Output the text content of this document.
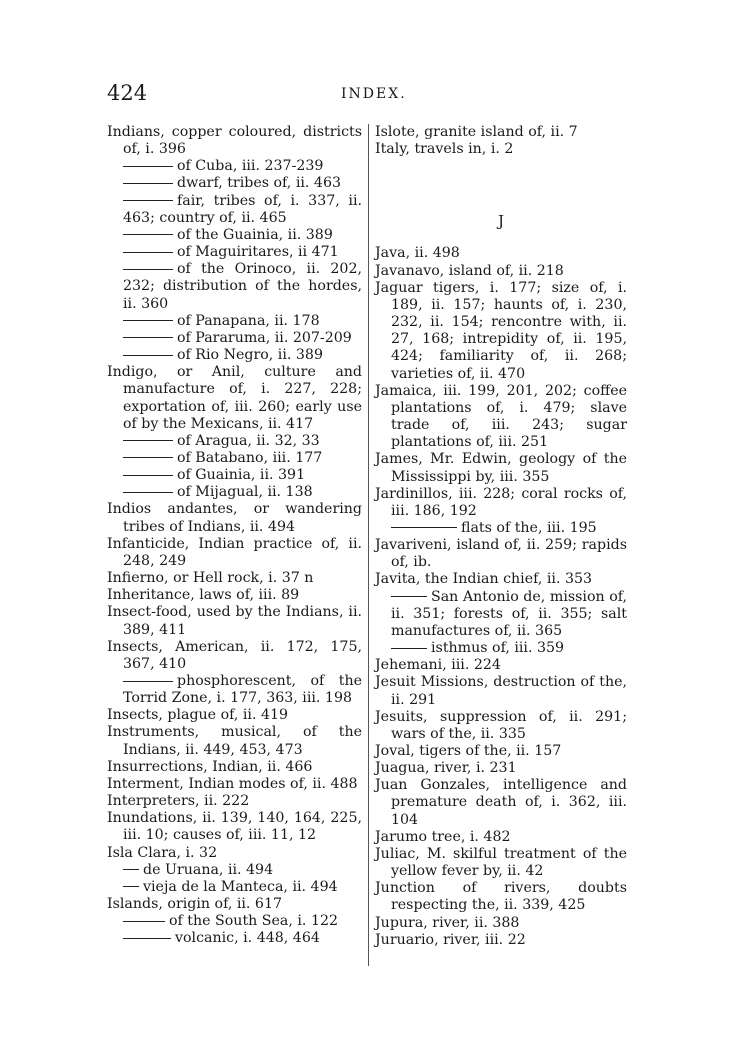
424	INDEX.
Indians, copper coloured, districts of, i. 396
of Cuba, iii. 237-239
dwarf, tribes of, ii. 463
fair, tribes of, i. 337, ii. 463; country of, ii. 465
of the Guainia, ii. 389
of Maguiritares, ii 471
of the Orinoco, ii. 202, 232; distribution of the hordes, ii. 360
of Panapana, ii. 178
of Pararuma, ii. 207-209
of Rio Negro, ii. 389
Indigo, or Anil, culture and manufacture of, i. 227, 228; exportation of, iii. 260; early use of by the Mexicans, ii. 417
of Aragua, ii. 32, 33
of Batabano, iii. 177
of Guainia, ii. 391
of Mijagual, ii. 138
Indios andantes, or wandering tribes of Indians, ii. 494
Infanticide, Indian practice of, ii. 248, 249
Infierno, or Hell rock, i. 37 n
Inheritance, laws of, iii. 89
Insect-food, used by the Indians, ii. 389, 411
Insects, American, ii. 172, 175, 367, 410
phosphorescent, of the Torrid Zone, i. 177, 363, iii. 198
Insects, plague of, ii. 419
Instruments, musical, of the Indians, ii. 449, 453, 473
Insurrections, Indian, ii. 466
Interment, Indian modes of, ii. 488
Interpreters, ii. 222
Inundations, ii. 139, 140, 164, 225, iii. 10; causes of, iii. 11, 12
Isla Clara, i. 32
de Uruana, ii. 494
vieja de la Manteca, ii. 494
Islands, origin of, ii. 617
of the South Sea, i. 122
volcanic, i. 448, 464
Islote, granite island of, ii. 7
Italy, travels in, i. 2
J
Java, ii. 498
Javanavo, island of, ii. 218
Jaguar tigers, i. 177; size of, i. 189, ii. 157; haunts of, i. 230, 232, ii. 154; rencontre with, ii. 27, 168; intrepidity of, ii. 195, 424; familiarity of, ii. 268; varieties of, ii. 470
Jamaica, iii. 199, 201, 202; coffee plantations of, i. 479; slave trade of, iii. 243; sugar plantations of, iii. 251
James, Mr. Edwin, geology of the Mississippi by, iii. 355
Jardinillos, iii. 228; coral rocks of, iii. 186, 192
flats of the, iii. 195
Javariveni, island of, ii. 259; rapids of, ib.
Javita, the Indian chief, ii. 353
San Antonio de, mission of, ii. 351; forests of, ii. 355; salt manufactures of, ii. 365
isthmus of, iii. 359
Jehemani, iii. 224
Jesuit Missions, destruction of the, ii. 291
Jesuits, suppression of, ii. 291; wars of the, ii. 335
Joval, tigers of the, ii. 157
Juagua, river, i. 231
Juan Gonzales, intelligence and premature death of, i. 362, iii. 104
Jarumo tree, i. 482
Juliac, M. skilful treatment of the yellow fever by, ii. 42
Junction of rivers, doubts respecting the, ii. 339, 425
Jupura, river, ii. 388
Juruario, river, iii. 22
